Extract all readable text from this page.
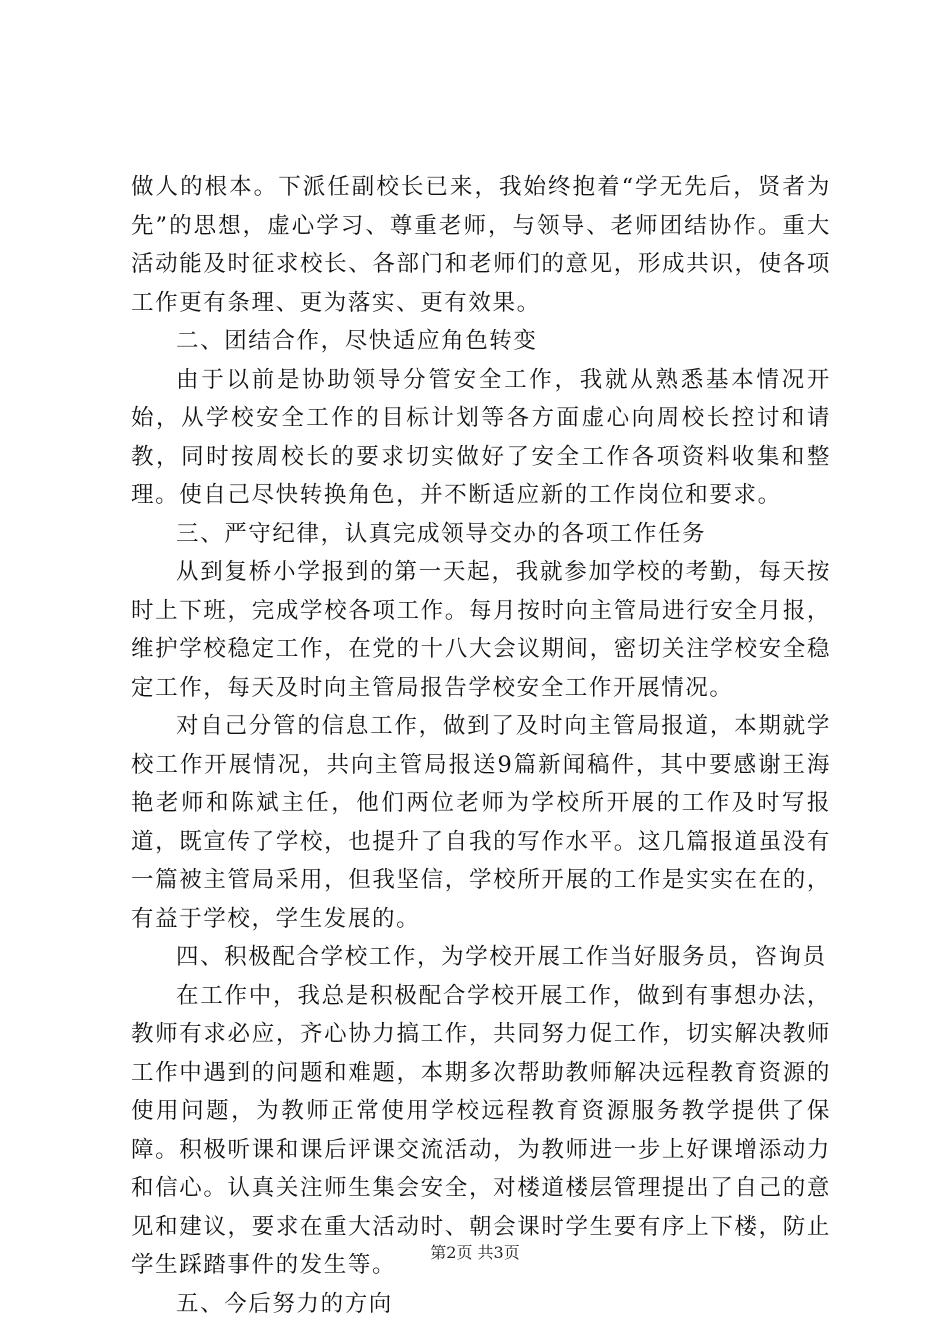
做人的根本。下派任副校长已来，我始终抱着“学无先后，贤者为先”的思想，虚心学习、尊重老师，与领导、老师团结协作。重大活动能及时征求校长、各部门和老师们的意见，形成共识，使各项工作更有条理、更为落实、更有效果。

二、团结合作，尽快适应角色转变

由于以前是协助领导分管安全工作，我就从熟悉基本情况开始，从学校安全工作的目标计划等各方面虚心向周校长控讨和请教，同时按周校长的要求切实做好了安全工作各项资料收集和整理。使自己尽快转换角色，并不断适应新的工作岗位和要求。

三、严守纪律，认真完成领导交办的各项工作任务

从到复桥小学报到的第一天起，我就参加学校的考勤，每天按时上下班，完成学校各项工作。每月按时向主管局进行安全月报，维护学校稳定工作，在党的十八大会议期间，密切关注学校安全稳定工作，每天及时向主管局报告学校安全工作开展情况。

对自己分管的信息工作，做到了及时向主管局报道，本期就学校工作开展情况，共向主管局报送9篇新闻稿件，其中要感谢王海艳老师和陈斌主任，他们两位老师为学校所开展的工作及时写报道，既宣传了学校，也提升了自我的写作水平。这几篇报道虽没有一篇被主管局采用，但我坚信，学校所开展的工作是实实在在的，有益于学校，学生发展的。

四、积极配合学校工作，为学校开展工作当好服务员，咨询员

在工作中，我总是积极配合学校开展工作，做到有事想办法，教师有求必应，齐心协力搞工作，共同努力促工作，切实解决教师工作中遇到的问题和难题，本期多次帮助教师解决远程教育资源的使用问题，为教师正常使用学校远程教育资源服务教学提供了保障。积极听课和课后评课交流活动，为教师进一步上好课增添动力和信心。认真关注师生集会安全，对楼道楼层管理提出了自己的意见和建议，要求在重大活动时、朝会课时学生要有序上下楼，防止学生踩踏事件的发生等。

五、今后努力的方向

第2页 共3页
